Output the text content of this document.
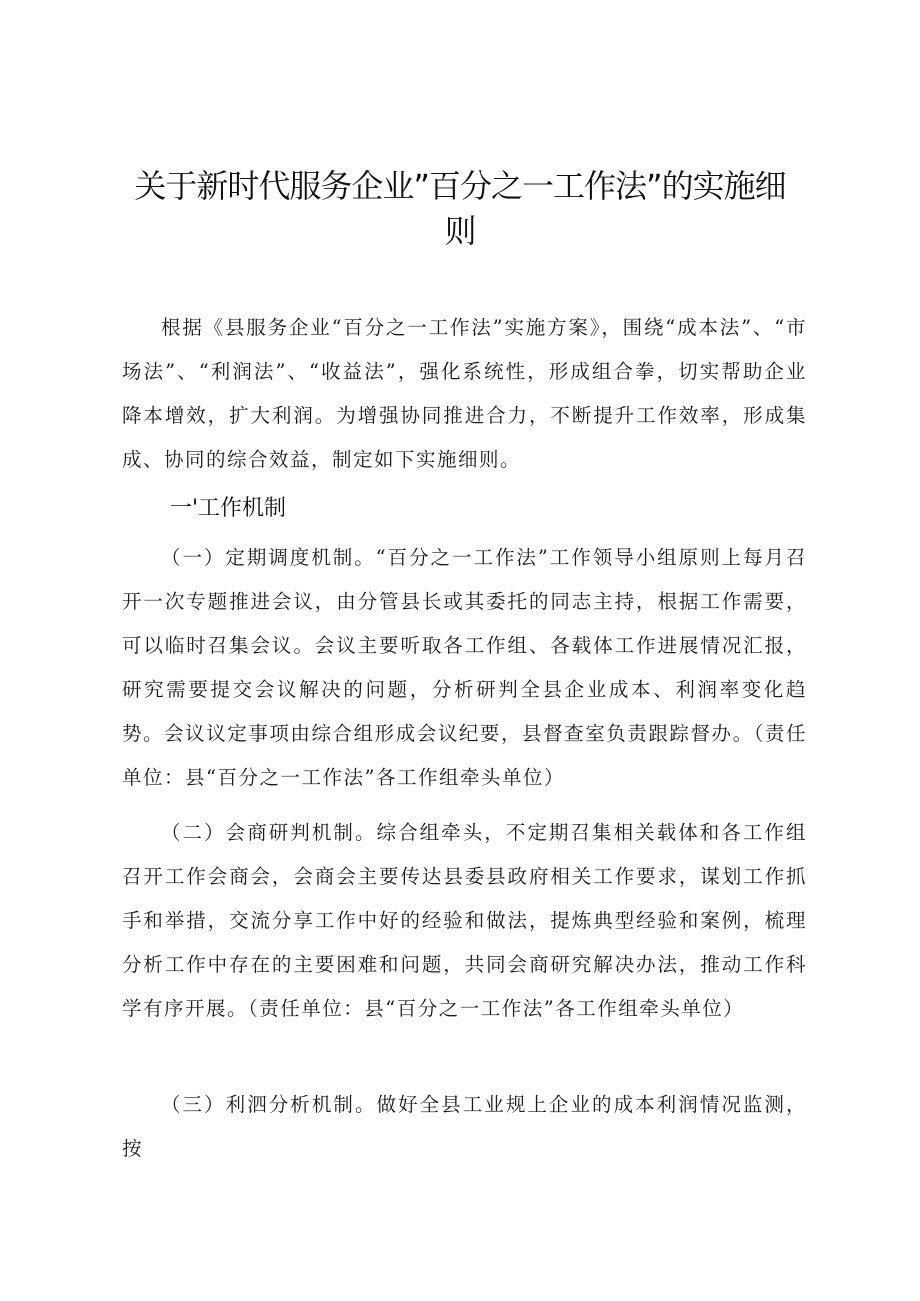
关于新时代服务企业”百分之一工作法”的实施细则

根据《县服务企业“百分之一工作法”实施方案》，围绕“成本法”、“市场法”、“利润法”、“收益法”，强化系统性，形成组合拳，切实帮助企业降本增效，扩大利润。为增强协同推进合力，不断提升工作效率，形成集成、协同的综合效益，制定如下实施细则。

一'工作机制

（一）定期调度机制。“百分之一工作法”工作领导小组原则上每月召开一次专题推进会议，由分管县长或其委托的同志主持，根据工作需要，可以临时召集会议。会议主要听取各工作组、各载体工作进展情况汇报，研究需要提交会议解决的问题，分析研判全县企业成本、利润率变化趋势。会议议定事项由综合组形成会议纪要，县督查室负责跟踪督办。（责任单位：县“百分之一工作法”各工作组牵头单位）

（二）会商研判机制。综合组牵头，不定期召集相关载体和各工作组召开工作会商会，会商会主要传达县委县政府相关工作要求，谋划工作抓手和举措，交流分享工作中好的经验和做法，提炼典型经验和案例，梳理分析工作中存在的主要困难和问题，共同会商研究解决办法，推动工作科学有序开展。（责任单位：县“百分之一工作法”各工作组牵头单位）

（三）利泗分析机制。做好全县工业规上企业的成本利润情况监测，按
